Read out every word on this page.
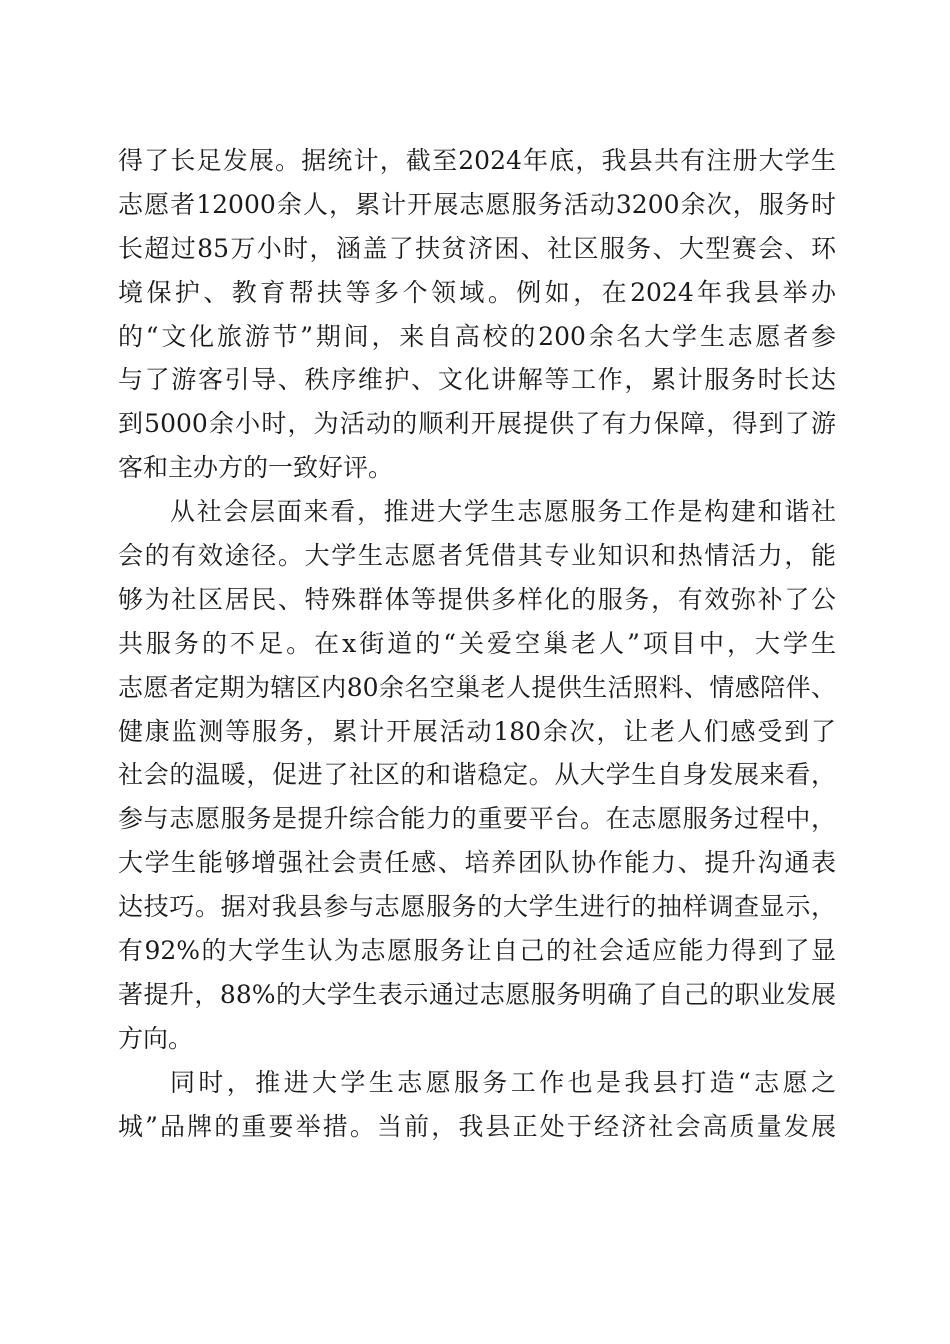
得了长足发展。据统计，截至2024年底，我县共有注册大学生
志愿者12000余人，累计开展志愿服务活动3200余次，服务时
长超过85万小时，涵盖了扶贫济困、社区服务、大型赛会、环
境保护、教育帮扶等多个领域。例如，在2024年我县举办
的“文化旅游节”期间，来自高校的200余名大学生志愿者参
与了游客引导、秩序维护、文化讲解等工作，累计服务时长达
到5000余小时，为活动的顺利开展提供了有力保障，得到了游
客和主办方的一致好评。
从社会层面来看，推进大学生志愿服务工作是构建和谐社
会的有效途径。大学生志愿者凭借其专业知识和热情活力，能
够为社区居民、特殊群体等提供多样化的服务，有效弥补了公
共服务的不足。在x街道的“关爱空巢老人”项目中，大学生
志愿者定期为辖区内80余名空巢老人提供生活照料、情感陪伴、
健康监测等服务，累计开展活动180余次，让老人们感受到了
社会的温暖，促进了社区的和谐稳定。从大学生自身发展来看，
参与志愿服务是提升综合能力的重要平台。在志愿服务过程中，
大学生能够增强社会责任感、培养团队协作能力、提升沟通表
达技巧。据对我县参与志愿服务的大学生进行的抽样调查显示，
有92%的大学生认为志愿服务让自己的社会适应能力得到了显
著提升，88%的大学生表示通过志愿服务明确了自己的职业发展
方向。
同时，推进大学生志愿服务工作也是我县打造“志愿之
城”品牌的重要举措。当前，我县正处于经济社会高质量发展
